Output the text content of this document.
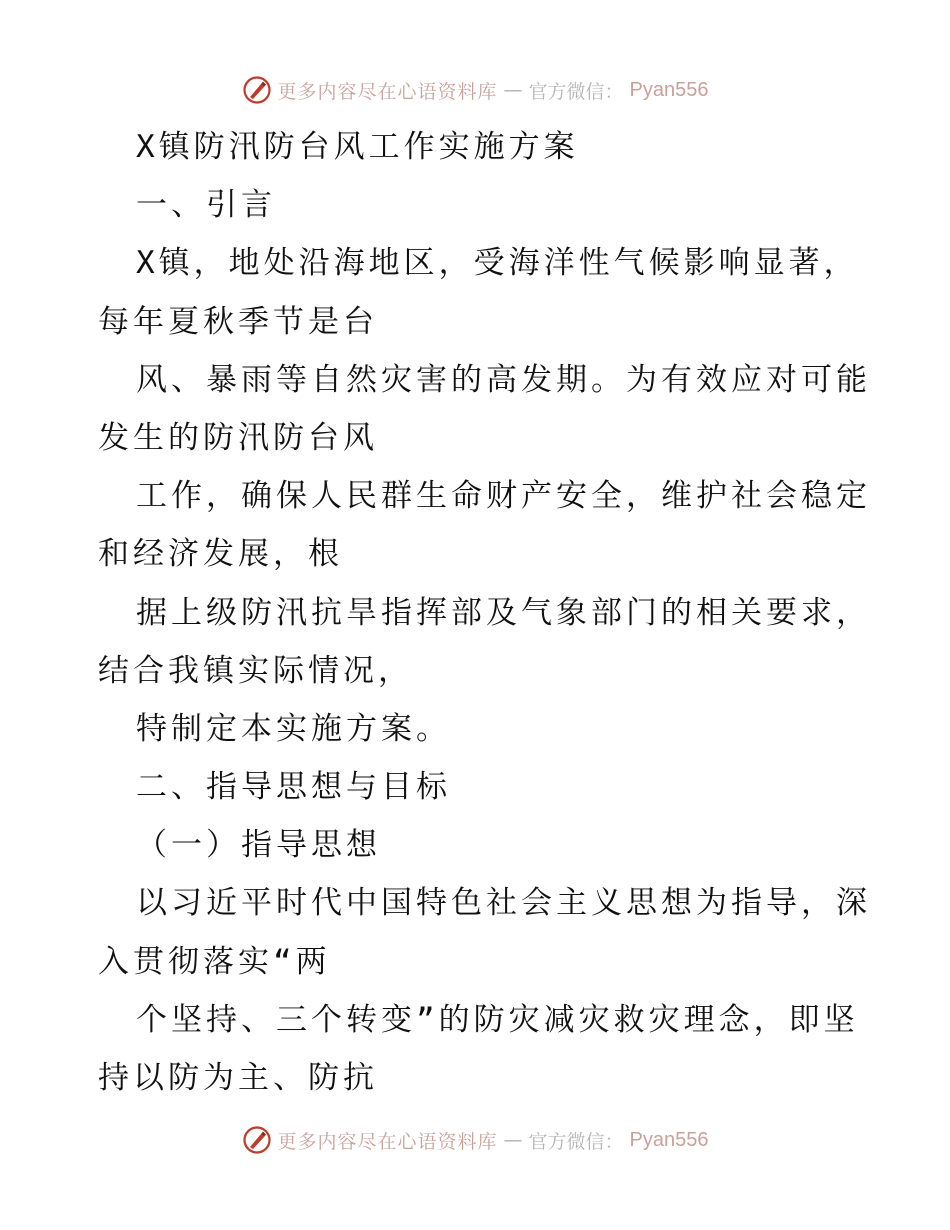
更多内容尽在心语资料库 — 官方微信： Pyan556
X镇防汛防台风工作实施方案
一、引言
X镇，地处沿海地区，受海洋性气候影响显著，
每年夏秋季节是台
风、暴雨等自然灾害的高发期。为有效应对可能
发生的防汛防台风
工作，确保人民群生命财产安全，维护社会稳定
和经济发展，根
据上级防汛抗旱指挥部及气象部门的相关要求，
结合我镇实际情况，
特制定本实施方案。
二、指导思想与目标
（一）指导思想
以习近平时代中国特色社会主义思想为指导，深
入贯彻落实“两
个坚持、三个转变”的防灾减灾救灾理念，即坚
持以防为主、防抗
更多内容尽在心语资料库 — 官方微信： Pyan556
